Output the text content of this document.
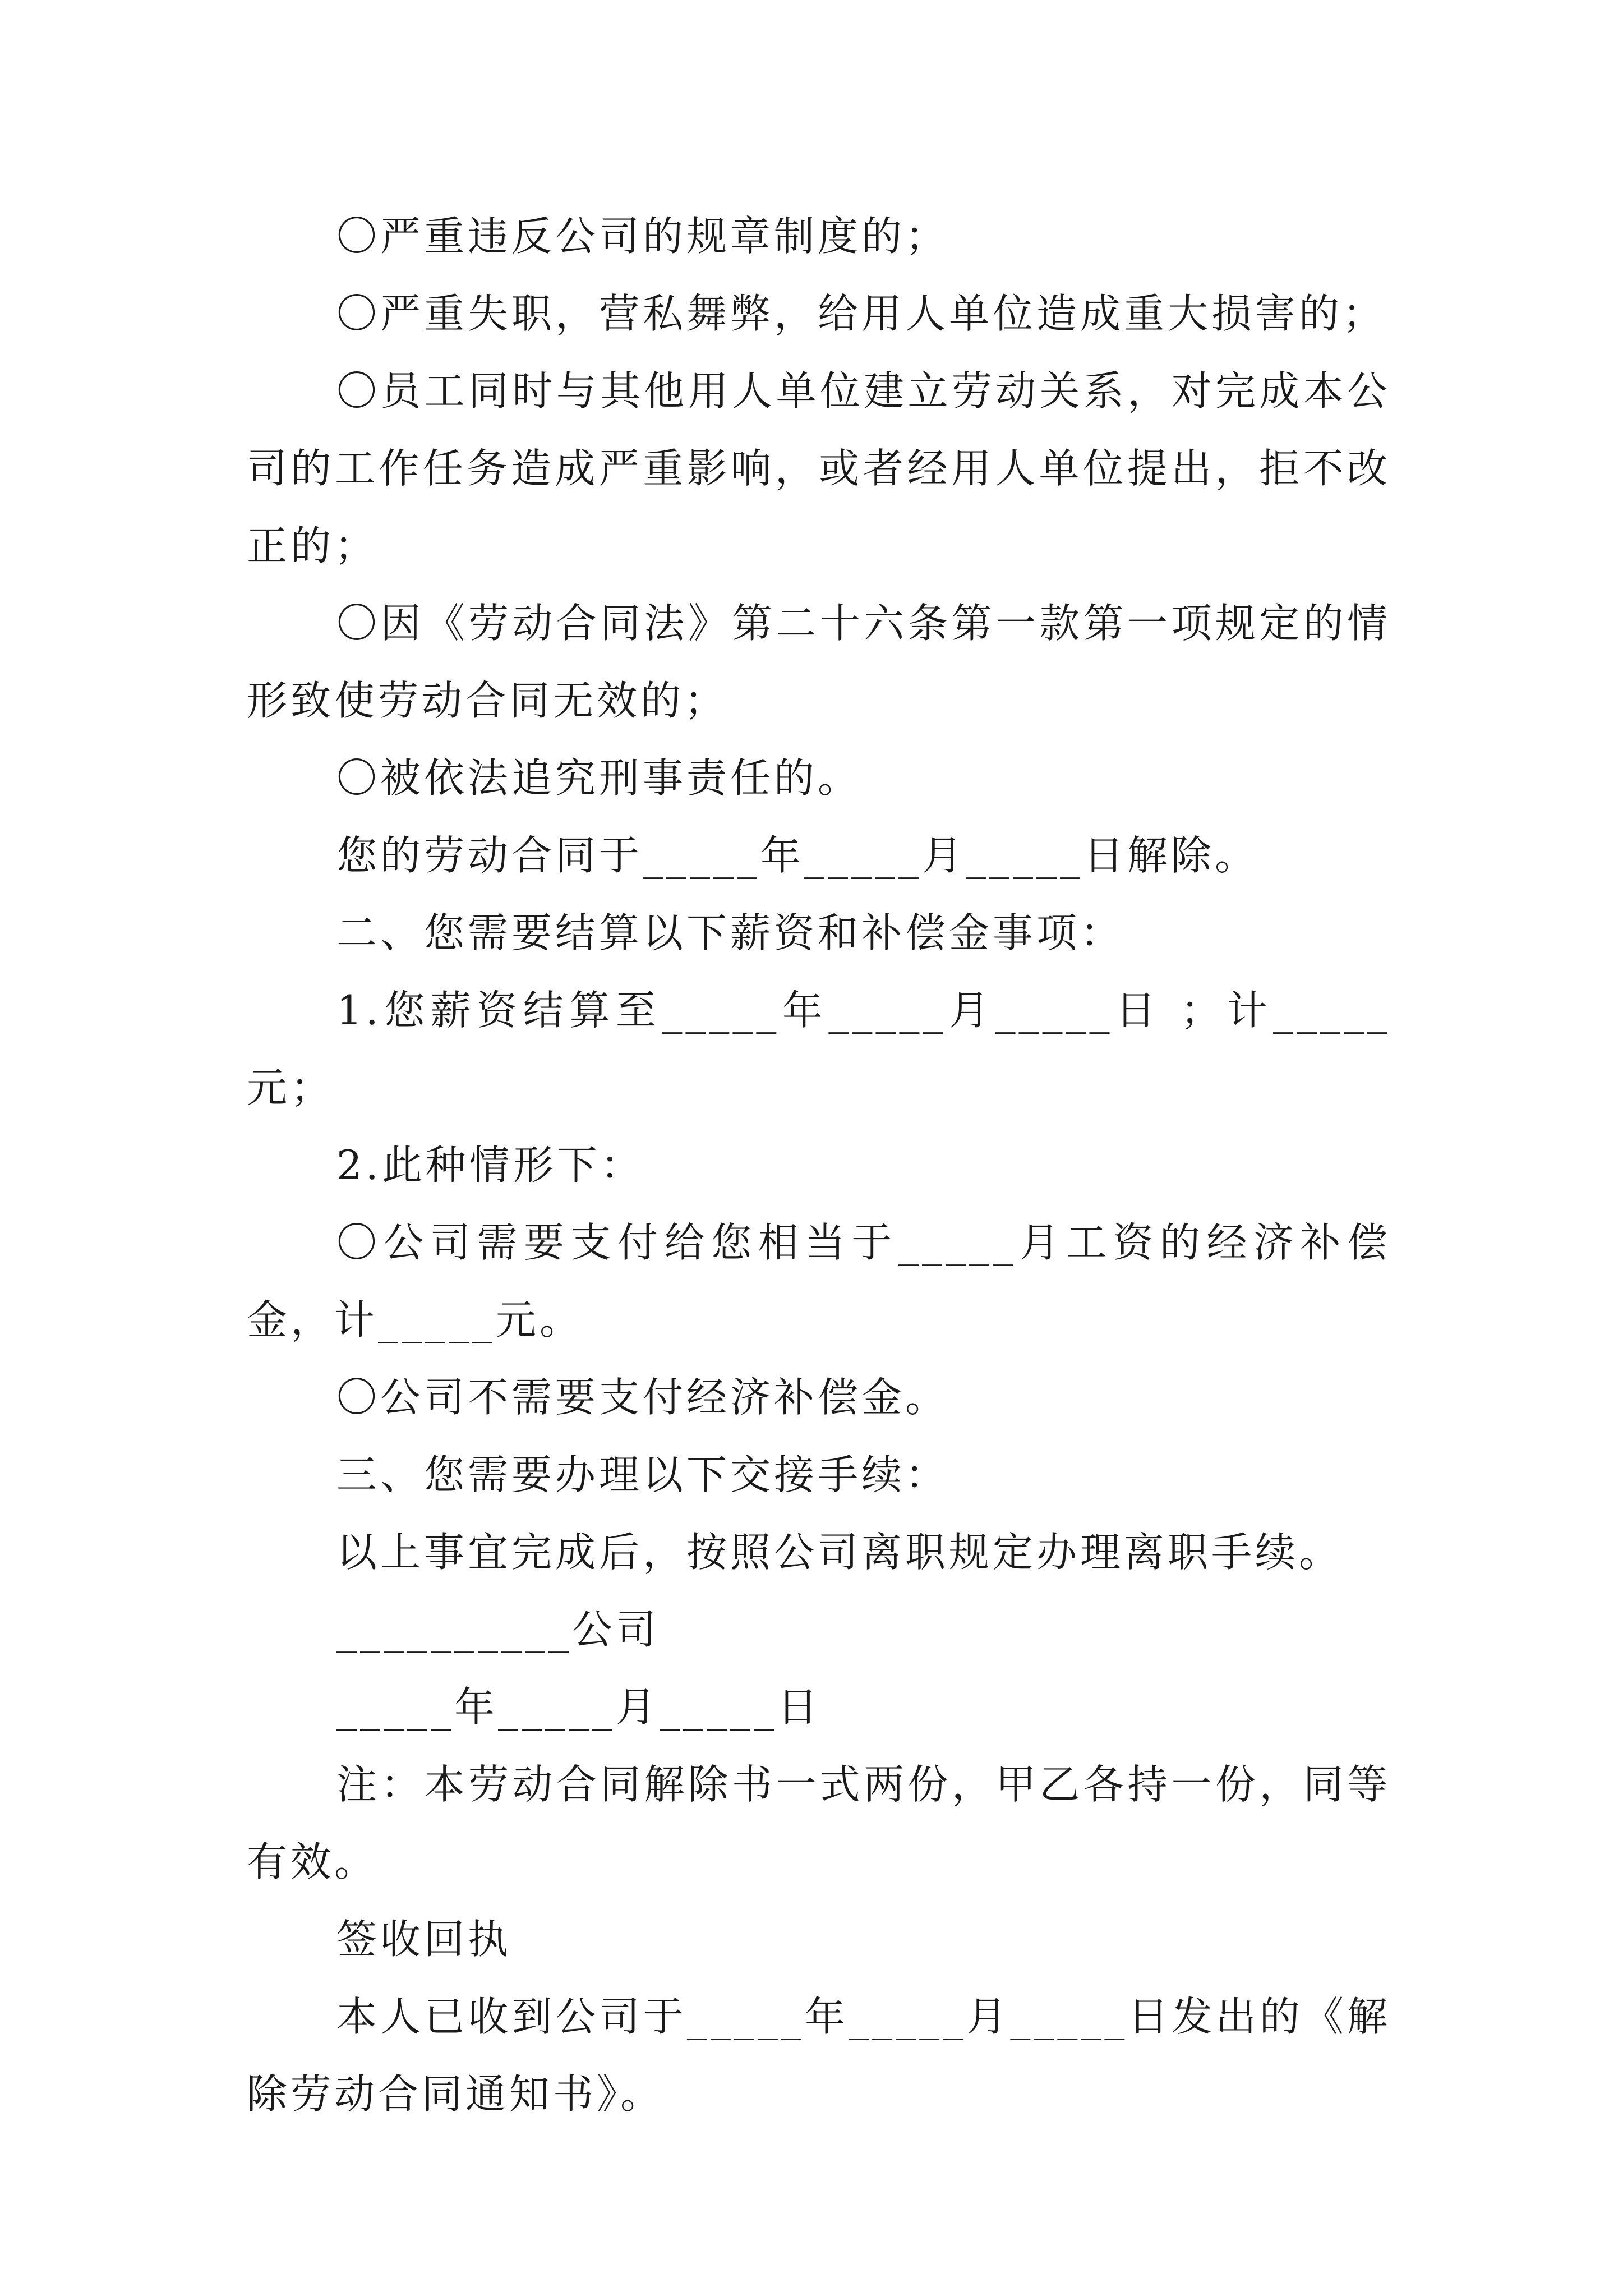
〇严重违反公司的规章制度的；

〇严重失职，营私舞弊，给用人单位造成重大损害的；

〇员工同时与其他用人单位建立劳动关系，对完成本公司的工作任务造成严重影响，或者经用人单位提出，拒不改正的；

〇因《劳动合同法》第二十六条第一款第一项规定的情形致使劳动合同无效的；

〇被依法追究刑事责任的。

您的劳动合同于_____年_____月_____日解除。

二、您需要结算以下薪资和补偿金事项：

1.您薪资结算至_____年_____月_____日 ；计_____元；

2.此种情形下：

〇公司需要支付给您相当于_____月工资的经济补偿金，计_____元。

〇公司不需要支付经济补偿金。

三、您需要办理以下交接手续：

以上事宜完成后，按照公司离职规定办理离职手续。

__________公司

_____年_____月_____日

注：本劳动合同解除书一式两份，甲乙各持一份，同等有效。

签收回执

本人已收到公司于_____年_____月_____日发出的《解除劳动合同通知书》。
